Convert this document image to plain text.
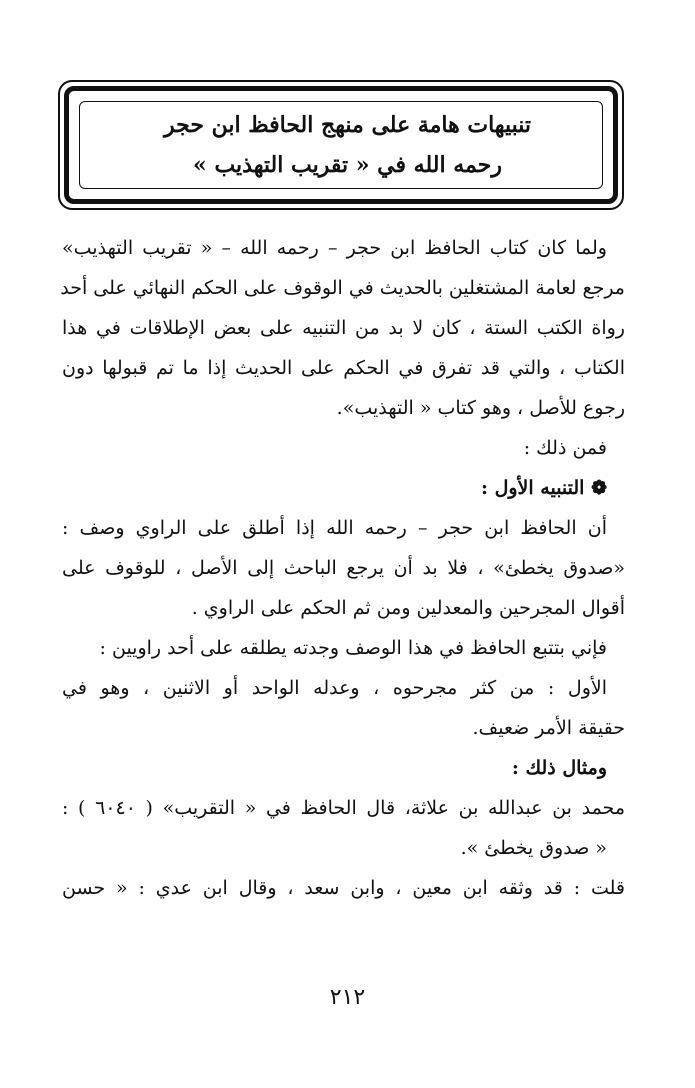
تنبيهات هامة على منهج الحافظ ابن حجر
رحمه الله في « تقريب التهذيب »
ولما كان كتاب الحافظ ابن حجر – رحمه الله – « تقريب التهذيب»
مرجع لعامة المشتغلين بالحديث في الوقوف على الحكم النهائي على أحد
رواة الكتب الستة ، كان لا بد من التنبيه على بعض الإطلاقات في هذا
الكتاب ، والتي قد تفرق في الحكم على الحديث إذا ما تم قبولها دون
رجوع للأصل ، وهو كتاب « التهذيب».
فمن ذلك :
❁ التنبيه الأول :
أن الحافظ ابن حجر – رحمه الله إذا أطلق على الراوي وصف :
«صدوق يخطئ» ، فلا بد أن يرجع الباحث إلى الأصل ، للوقوف على
أقوال المجرحين والمعدلين ومن ثم الحكم على الراوي .
فإني بتتبع الحافظ في هذا الوصف وجدته يطلقه على أحد راويين :
الأول : من كثر مجرحوه ، وعدله الواحد أو الاثنين ، وهو في
حقيقة الأمر ضعيف.
ومثال ذلك :
محمد بن عبدالله بن علاثة، قال الحافظ في « التقريب» ( ٦٠٤٠ ) :
« صدوق يخطئ ».
قلت : قد وثقه ابن معين ، وابن سعد ، وقال ابن عدي : « حسن
٢١٢
